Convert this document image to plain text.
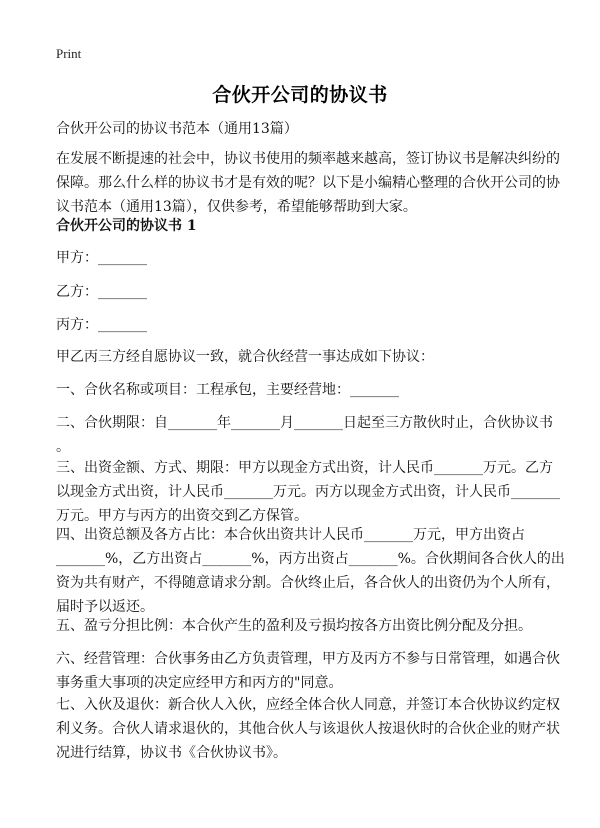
Print
合伙开公司的协议书
合伙开公司的协议书范本（通用13篇）
在发展不断提速的社会中，协议书使用的频率越来越高，签订协议书是解决纠纷的
保障。那么什么样的协议书才是有效的呢？以下是小编精心整理的合伙开公司的协
议书范本（通用13篇），仅供参考，希望能够帮助到大家。
合伙开公司的协议书 1
甲方：_______
乙方：_______
丙方：_______
甲乙丙三方经自愿协议一致，就合伙经营一事达成如下协议：
一、合伙名称或项目：工程承包，主要经营地：_______
二、合伙期限：自_______年_______月_______日起至三方散伙时止，合伙协议书
。
三、出资金额、方式、期限：甲方以现金方式出资，计人民币_______万元。乙方
以现金方式出资，计人民币_______万元。丙方以现金方式出资，计人民币_______
万元。甲方与丙方的出资交到乙方保管。
四、出资总额及各方占比：本合伙出资共计人民币_______万元，甲方出资占
_______%，乙方出资占_______%，丙方出资占_______%。合伙期间各合伙人的出
资为共有财产，不得随意请求分割。合伙终止后，各合伙人的出资仍为个人所有，
届时予以返还。
五、盈亏分担比例：本合伙产生的盈利及亏损均按各方出资比例分配及分担。
六、经营管理：合伙事务由乙方负责管理，甲方及丙方不参与日常管理，如遇合伙
事务重大事项的决定应经甲方和丙方的"同意。
七、入伙及退伙：新合伙人入伙，应经全体合伙人同意，并签订本合伙协议约定权
利义务。合伙人请求退伙的，其他合伙人与该退伙人按退伙时的合伙企业的财产状
况进行结算，协议书《合伙协议书》。
